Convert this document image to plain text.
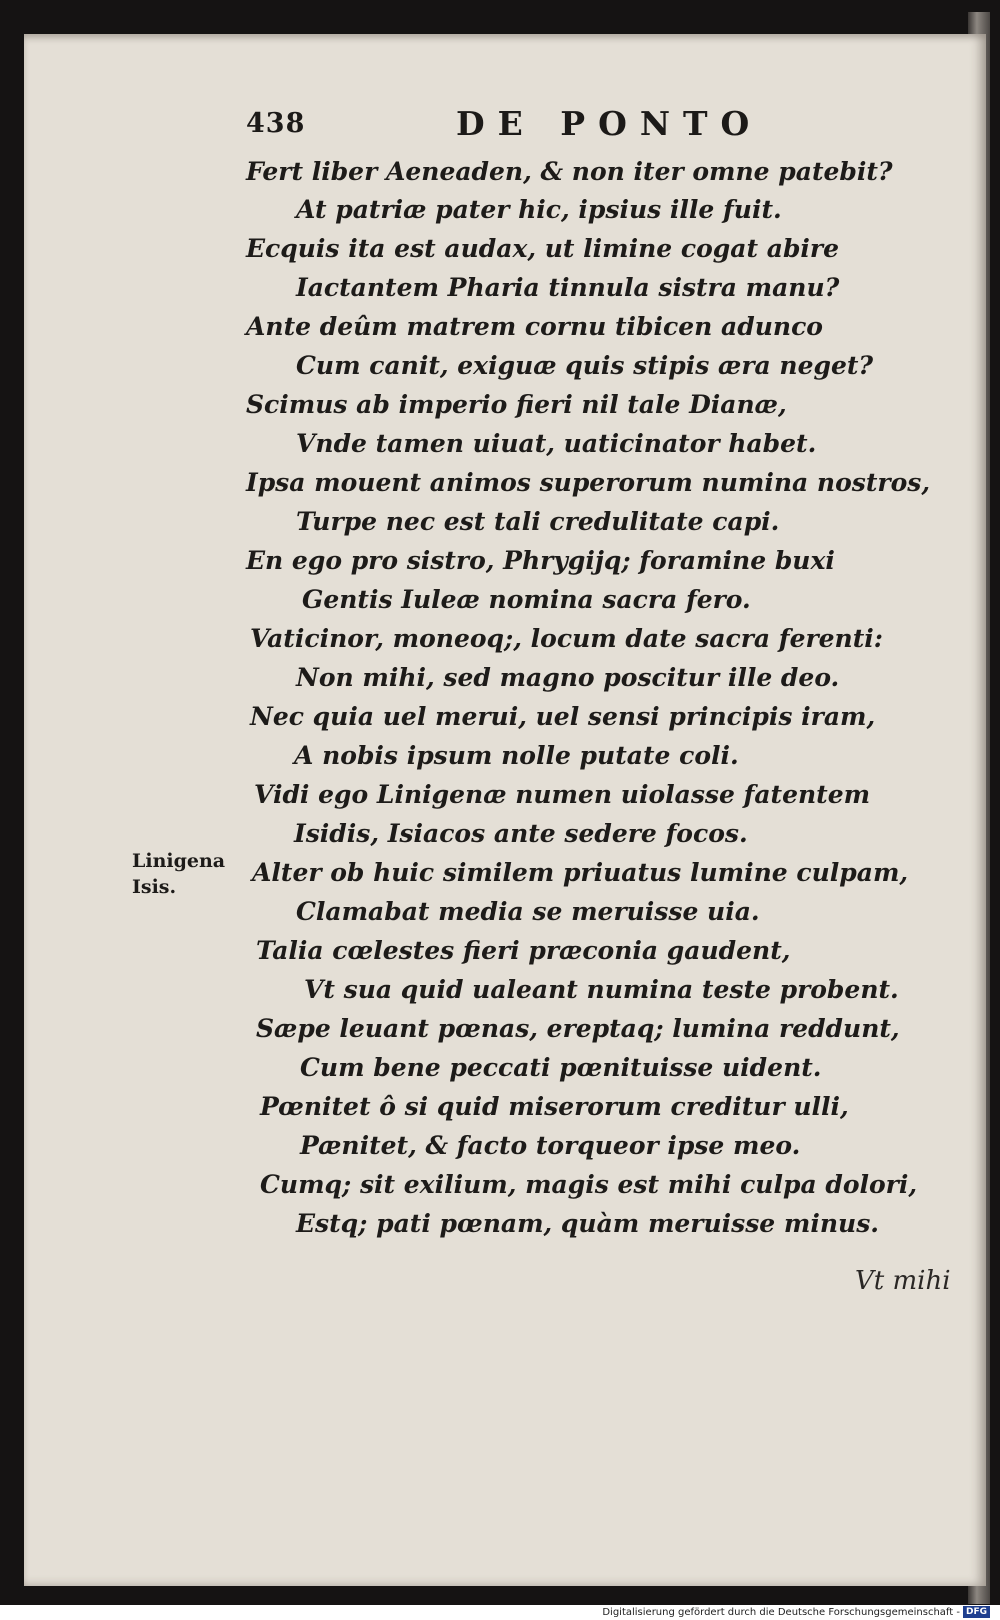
438	DE PONTO

Fert liber Aeneaden, & non iter omne patebit?

At patriæ pater hic, ipsius ille fuit.

Ecquis ita est audax, ut limine cogat abire

Iactantem Pharia tinnula sistra manu?

Ante deûm matrem cornu tibicen adunco

Cum canit, exiguæ quis stipis æra neget?

Scimus ab imperio fieri nil tale Dianæ,

Vnde tamen uiuat, uaticinator habet.

Ipsa mouent animos superorum numina nostros,

Turpe nec est tali credulitate capi.

En ego pro sistro, Phrygijq; foramine buxi

Gentis Iuleæ nomina sacra fero.

Vaticinor, moneoq;, locum date sacra ferenti:

Non mihi, sed magno poscitur ille deo.

Nec quia uel merui, uel sensi principis iram,

A nobis ipsum nolle putate coli.

Vidi ego Linigenæ numen uiolasse fatentem

Isidis, Isiacos ante sedere focos.

Alter ob huic similem priuatus lumine culpam,

Clamabat media se meruisse uia.

Talia cœlestes fieri præconia gaudent,

Vt sua quid ualeant numina teste probent.

Sæpe leuant pœnas, ereptaq; lumina reddunt,

Cum bene peccati pœnituisse uident.

Pœnitet ô si quid miserorum creditur ulli,

Pænitet, & facto torqueor ipse meo.

Cumq; sit exilium, magis est mihi culpa dolori,

Estq; pati pœnam, quàm meruisse minus.

Linigena
Isis.
Vt mihi
Digitalisierung gefördert durch die Deutsche Forschungsgemeinschaft - DFG
